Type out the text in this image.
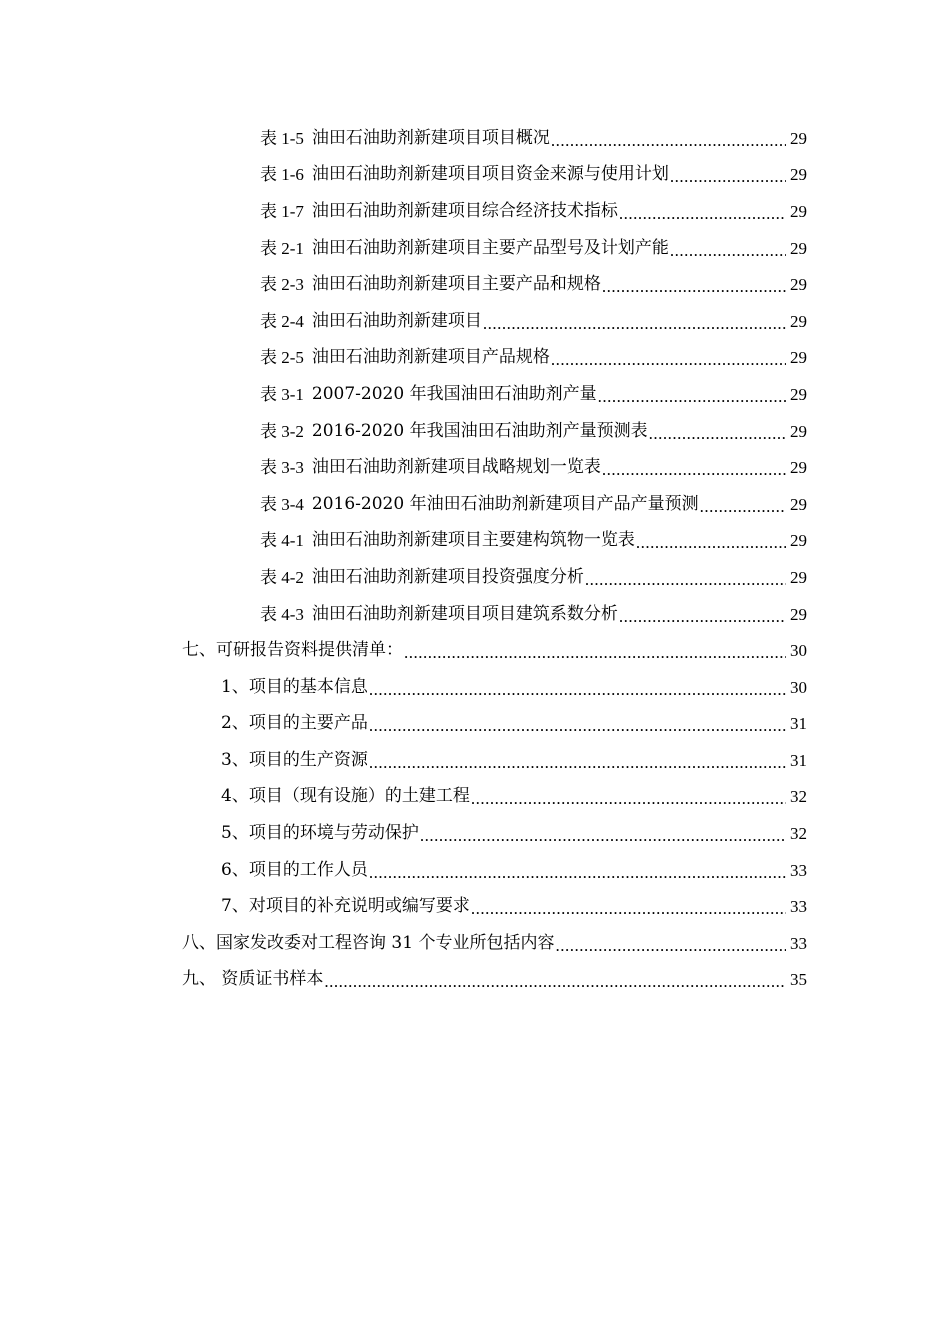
表 1-5 油田石油助剂新建项目项目概况 .....	29
表 1-6 油田石油助剂新建项目项目资金来源与使用计划 .....	29
表 1-7 油田石油助剂新建项目综合经济技术指标 .....	29
表 2-1 油田石油助剂新建项目主要产品型号及计划产能 .....	29
表 2-3 油田石油助剂新建项目主要产品和规格 .....	29
表 2-4 油田石油助剂新建项目 .....	29
表 2-5 油田石油助剂新建项目产品规格 .....	29
表 3-1 2007-2020 年我国油田石油助剂产量 .....	29
表 3-2 2016-2020 年我国油田石油助剂产量预测表 .....	29
表 3-3 油田石油助剂新建项目战略规划一览表 .....	29
表 3-4 2016-2020 年油田石油助剂新建项目产品产量预测 .....	29
表 4-1 油田石油助剂新建项目主要建构筑物一览表 .....	29
表 4-2 油田石油助剂新建项目投资强度分析 .....	29
表 4-3 油田石油助剂新建项目项目建筑系数分析 .....	29
七、可研报告资料提供清单： .....	30
1、项目的基本信息 .....	30
2、项目的主要产品 .....	31
3、项目的生产资源 .....	31
4、项目（现有设施）的土建工程 .....	32
5、项目的环境与劳动保护 .....	32
6、项目的工作人员 .....	33
7、对项目的补充说明或编写要求 .....	33
八、国家发改委对工程咨询 31 个专业所包括内容 .....	33
九、 资质证书样本 .....	35
